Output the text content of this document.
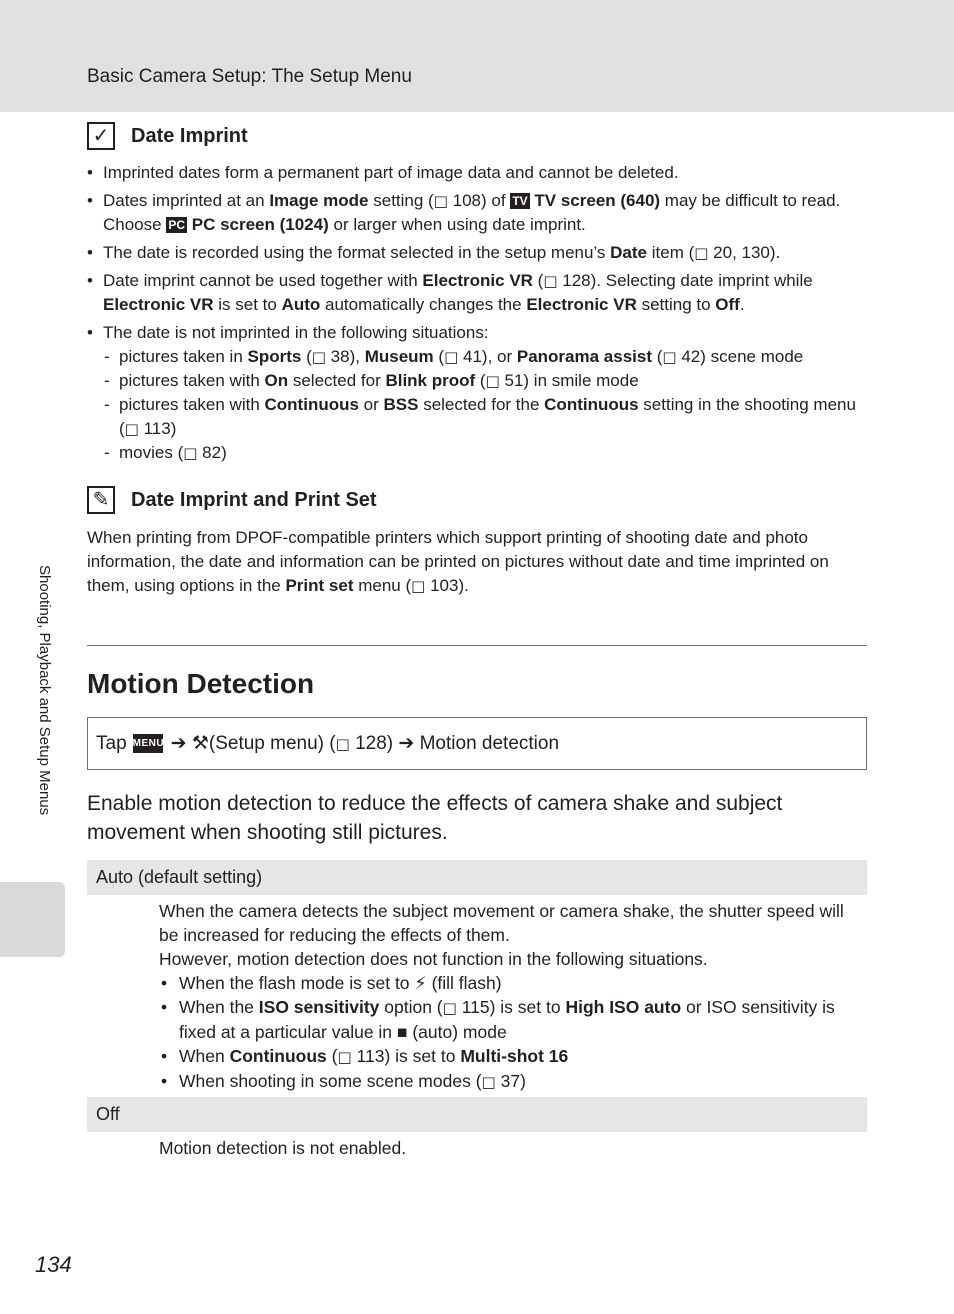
Basic Camera Setup: The Setup Menu
Shooting, Playback and Setup Menus
✓ Date Imprint
• Imprinted dates form a permanent part of image data and cannot be deleted.
• Dates imprinted at an Image mode setting (□ 108) of TV TV screen (640) may be difficult to read. Choose PC PC screen (1024) or larger when using date imprint.
• The date is recorded using the format selected in the setup menu’s Date item (□ 20, 130).
• Date imprint cannot be used together with Electronic VR (□ 128). Selecting date imprint while Electronic VR is set to Auto automatically changes the Electronic VR setting to Off.
• The date is not imprinted in the following situations:
- pictures taken in Sports (□ 38), Museum (□ 41), or Panorama assist (□ 42) scene mode
- pictures taken with On selected for Blink proof (□ 51) in smile mode
- pictures taken with Continuous or BSS selected for the Continuous setting in the shooting menu (□ 113)
- movies (□ 82)
✎ Date Imprint and Print Set
When printing from DPOF-compatible printers which support printing of shooting date and photo information, the date and information can be printed on pictures without date and time imprinted on them, using options in the Print set menu (□ 103).
Motion Detection
Tap MENU ➔
⚒ (Setup menu) ( □
128 )
➔
Motion detection
Enable motion detection to reduce the effects of camera shake and subject movement when shooting still pictures.
Auto (default setting)
When the camera detects the subject movement or camera shake, the shutter speed will be increased for reducing the effects of them.
However, motion detection does not function in the following situations.
• When the flash mode is set to ⚡ (fill flash)
• When the ISO sensitivity option (□ 115) is set to High ISO auto or ISO sensitivity is fixed at a particular value in ■ (auto) mode
• When Continuous (□ 113) is set to Multi-shot 16
• When shooting in some scene modes (□ 37)
Off
Motion detection is not enabled.
134
